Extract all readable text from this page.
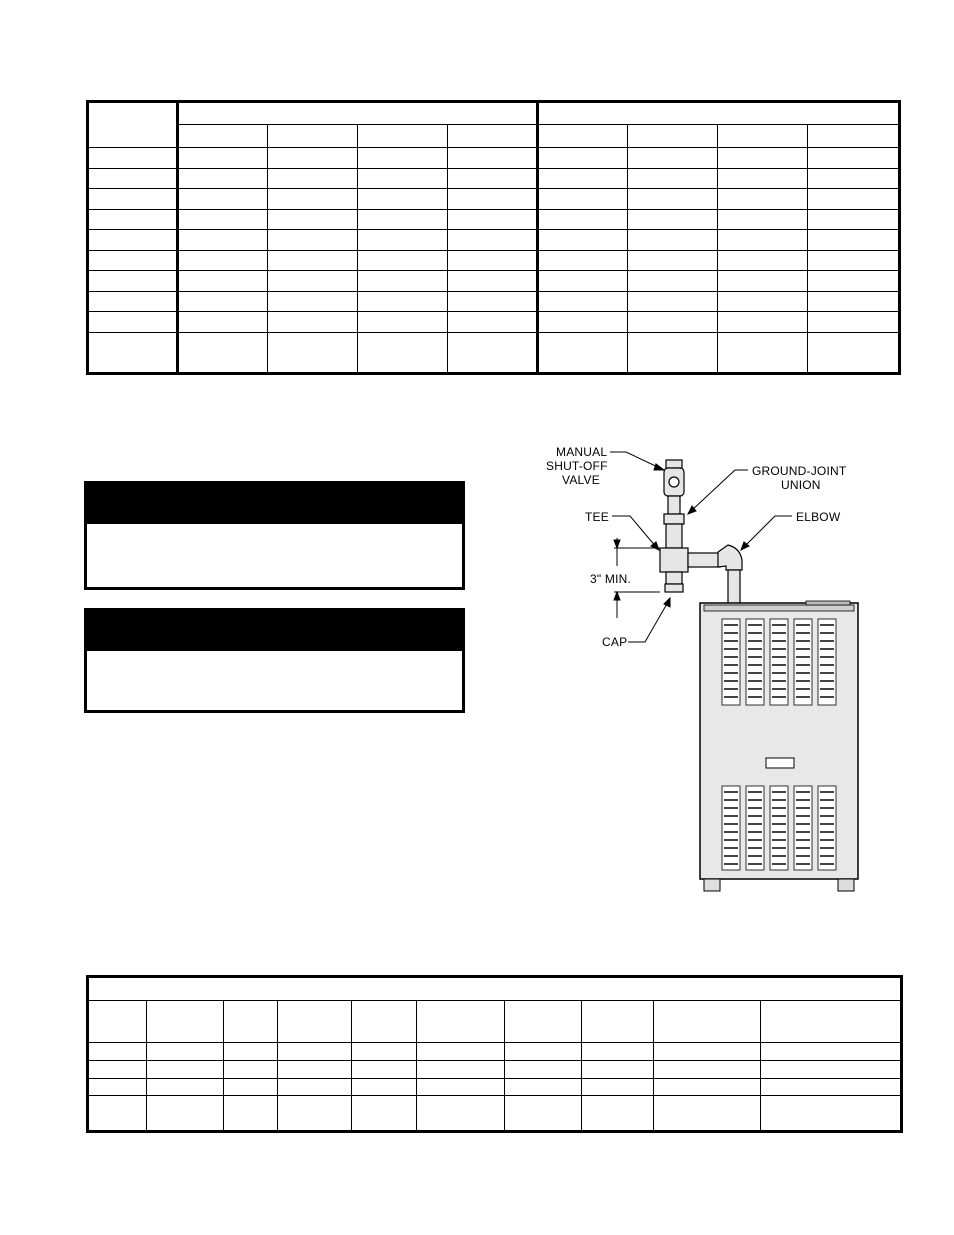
MANUAL
SHUT-OFF
VALVE
GROUND-JOINT
UNION
TEE	ELBOW
3" MIN.
CAP
